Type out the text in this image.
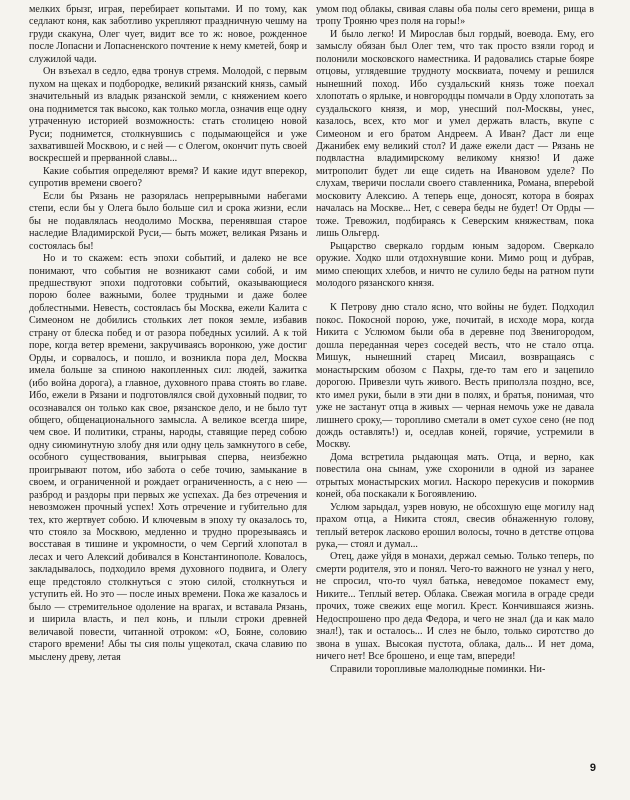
мелких брызг, играя, перебирает копытами. И по тому, как седлают коня, как заботливо укрепляют праздничную чешму на груди скакуна, Олег чует, видит все то ж: новое, рожденное после Лопасни и Лопасненского почтение к нему кметей, бояр и служилой чади.

Он взъехал в седло, едва тронув стремя. Молодой, с первым пухом на щеках и подбородке, великий рязанский князь, самый значительный из владык рязанской земли, с княжением коего она поднимется так высоко, как только могла, означив еще одну утраченную историей возможность: стать столицею новой Руси; поднимется, столкнувшись с подымающейся и уже захватившей Москвою, и с ней — с Олегом, окончит путь своей воскресшей и прерванной славы...

Какие события определяют время? И какие идут вперекор, супротив времени своего?

Если бы Рязань не разорялась непрерывными набегами степи, если бы у Олега было больше сил и срока жизни, если бы не подавлялась неодолимо Москва, перенявшая старое наследие Владимирской Руси,— быть может, великая Рязань и состоялась бы!

Но и то скажем: есть эпохи событий, и далеко не все понимают, что события не возникают сами собой, и им предшествуют эпохи подготовки событий, оказывающиеся порою более важными, более трудными и даже более доблестными. Невесть, состоялась бы Москва, ежели Калита с Симеоном не добились стольких лет покоя земле, избавив страну от блеска побед и от разора победных усилий. А к той поре, когда ветер времени, закручиваясь воронкою, уже достиг Орды, и сорвалось, и пошло, и возникла пора дел, Москва имела больше за спиною накопленных сил: людей, зажитка (ибо война дорога), а главное, духовного права стоять во главе. Ибо, ежели в Рязани и подготовлялся свой духовный подвиг, то осознавался он только как свое, рязанское дело, и не было тут общего, общенационального замысла. А великое всегда шире, чем свое. И политики, страны, народы, ставящие перед собою одну сиюминутную злобу дня или одну цель замкнутого в себе, особного существования, выигрывая сперва, неизбежно проигрывают потом, ибо забота о себе точию, замыкание в своем, и ограниченной и рождает ограниченность, а с нею — разброд и раздоры при первых же успехах. Да без отречения и невозможен прочный успех! Хоть отречение и губительно для тех, кто жертвует собою. И ключевым в эпоху ту оказалось то, что стояло за Москвою, медленно и трудно прорезываясь и восставая в тишине и укромности, о чем Сергий хлопотал в лесах и чего Алексий добивался в Константинополе. Ковалось, закладывалось, подходило время духовного подвига, и Олегу еще предстояло столкнуться с этою силой, столкнуться и уступить ей. Но это — после иных времени. Пока же казалось и было — стремительное одоление на врагах, и вставала Рязань, и ширила власть, и пел конь, и плыли строки древней величавой повести, читанной отроком: «О, Бояне, соловию старого времени! Абы ты сия полы ущекотал, скача славию по мыслену древу, летая

умом под облакы, свивая славы оба полы сего времени, рища в тропу Трояню чрез поля на горы!»

И было легко! И Мирослав был гордый, воевода. Ему, его замыслу обязан был Олег тем, что так просто взяли город и полонили московского наместника. И радовались старые бояре отцовы, углядевшие трудноту москвиата, почему и решился нынешний поход. Ибо суздальский князь тоже поехал хлопотать о ярлыке, и новгородцы помчали в Орду хлопотать за суздальского князя, и мор, унесший пол-Москвы, унес, казалось, всех, кто мог и умел держать власть, вкупе с Симеоном и его братом Андреем. А Иван? Даст ли еще Джанибек ему великий стол? И даже ежели даст — Рязань не подвластна владимирскому великому князю! И даже митрополит будет ли еще сидеть на Ивановом уделе? По слухам, тверичи послали своего ставленника, Романа, впереbой московиту Алексию. А теперь еще, доносят, котора в боярах началась на Москве... Нет, с севера беды не будет! От Орды — тоже. Тревожил, подбираясь к Северским княжествам, пока лишь Ольгерд.

Рыцарство сверкало гордым юным задором. Сверкало оружие. Ходко шли отдохнувшие кони. Мимо рощ и дубрав, мимо спеющих хлебов, и ничто не сулило беды на ратном пути молодого рязанского князя.

К Петрову дню стало ясно, что войны не будет. Подходил покос. Покосной порою, уже, почитай, в исходе мора, когда Никита с Услюмом были оба в деревне под Звенигородом, дошла переданная через соседей весть, что не стало отца. Мишук, нынешний старец Мисаил, возвращаясь с монастырским обозом с Пахры, где-то там его и зацепило дорогою. Привезли чуть живого. Весть приползла поздно, все, кто имел руки, были в эти дни в полях, и братья, понимая, что уже не застанут отца в живых — черная немочь уже не давала лишнего сроку,— торопливо сметали в омет сухое сено (не под дождь оставлять!) и, оседлав коней, горячие, устремили в Москву.

Дома встретила рыдающая мать. Отца, и верно, как повестила она сынам, уже схоронили в одной из заранее отрытых монастырских могил. Наскоро перекусив и покормив коней, оба поскакали к Богоявлению.

Услюм зарыдал, узрев новую, не обсохшую еще могилу над прахом отца, а Никита стоял, свесив обнаженную голову, теплый ветерок ласково ерошил волосы, точно в детстве отцова рука,— стоял и думал...

Отец, даже уйдя в монахи, держал семью. Только теперь, по смерти родителя, это и понял. Чего-то важного не узнал у него, не спросил, что-то чуял батька, неведомое покамест ему, Никите... Теплый ветер. Облака. Свежая могила в ограде среди прочих, тоже свежих еще могил. Крест. Кончившаяся жизнь. Недоспрошено про деда Федора, и чего не знал (да и как мало знал!), так и осталось... И слез не было, только сиротство до звона в ушах. Высокая пустота, облака, даль... И нет дома, ничего нет! Все брошено, и еще там, впереди!

Справили торопливые малолюдные поминки. Ни-

9
